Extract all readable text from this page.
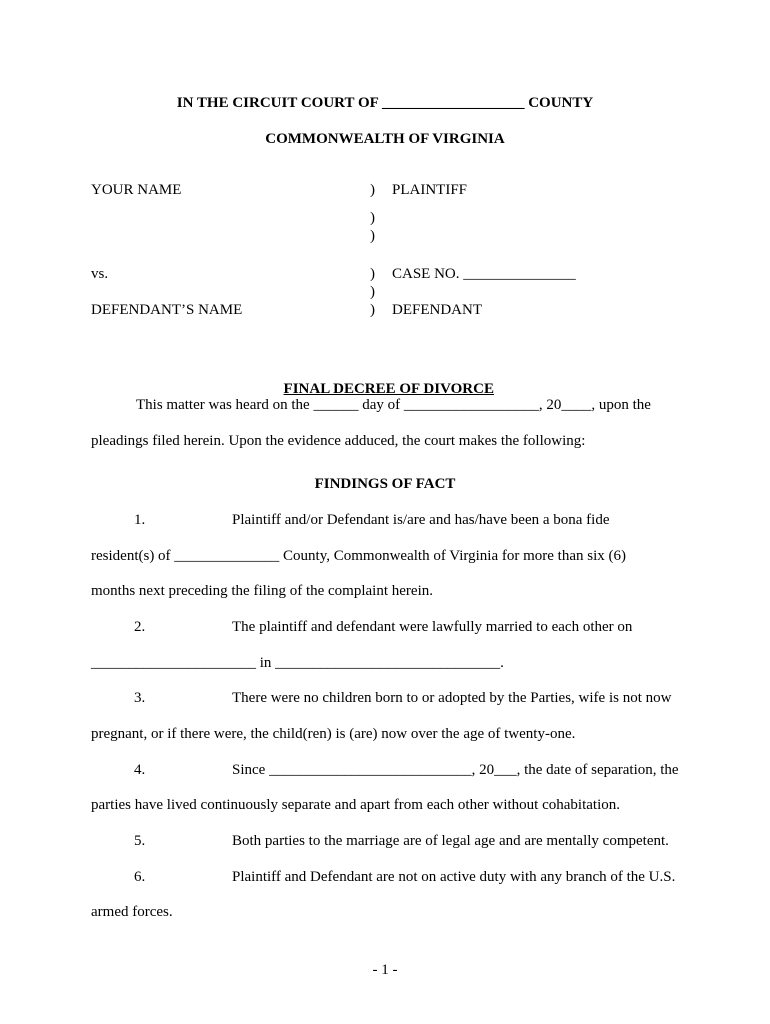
IN THE CIRCUIT COURT OF ___________________ COUNTY
COMMONWEALTH OF VIRGINIA
YOUR NAME	) PLAINTIFF
)
)
vs.	) CASE NO. _______________
)
DEFENDANT’S NAME	) DEFENDANT

FINAL DECREE OF DIVORCE

This matter was heard on the ______ day of __________________, 20____, upon the
pleadings filed herein. Upon the evidence adduced, the court makes the following:
FINDINGS OF FACT
1.	Plaintiff and/or Defendant is/are and has/have been a bona fide
resident(s) of ______________ County, Commonwealth of Virginia for more than six (6)
months next preceding the filing of the complaint herein.
2.	The plaintiff and defendant were lawfully married to each other on
______________________ in ______________________________.
3.	There were no children born to or adopted by the Parties, wife is not now
pregnant, or if there were, the child(ren) is (are) now over the age of twenty-one.
4.	Since ___________________________, 20___, the date of separation, the
parties have lived continuously separate and apart from each other without cohabitation.
5.	Both parties to the marriage are of legal age and are mentally competent.
6.	Plaintiff and Defendant are not on active duty with any branch of the U.S.
armed forces.
- 1 -
